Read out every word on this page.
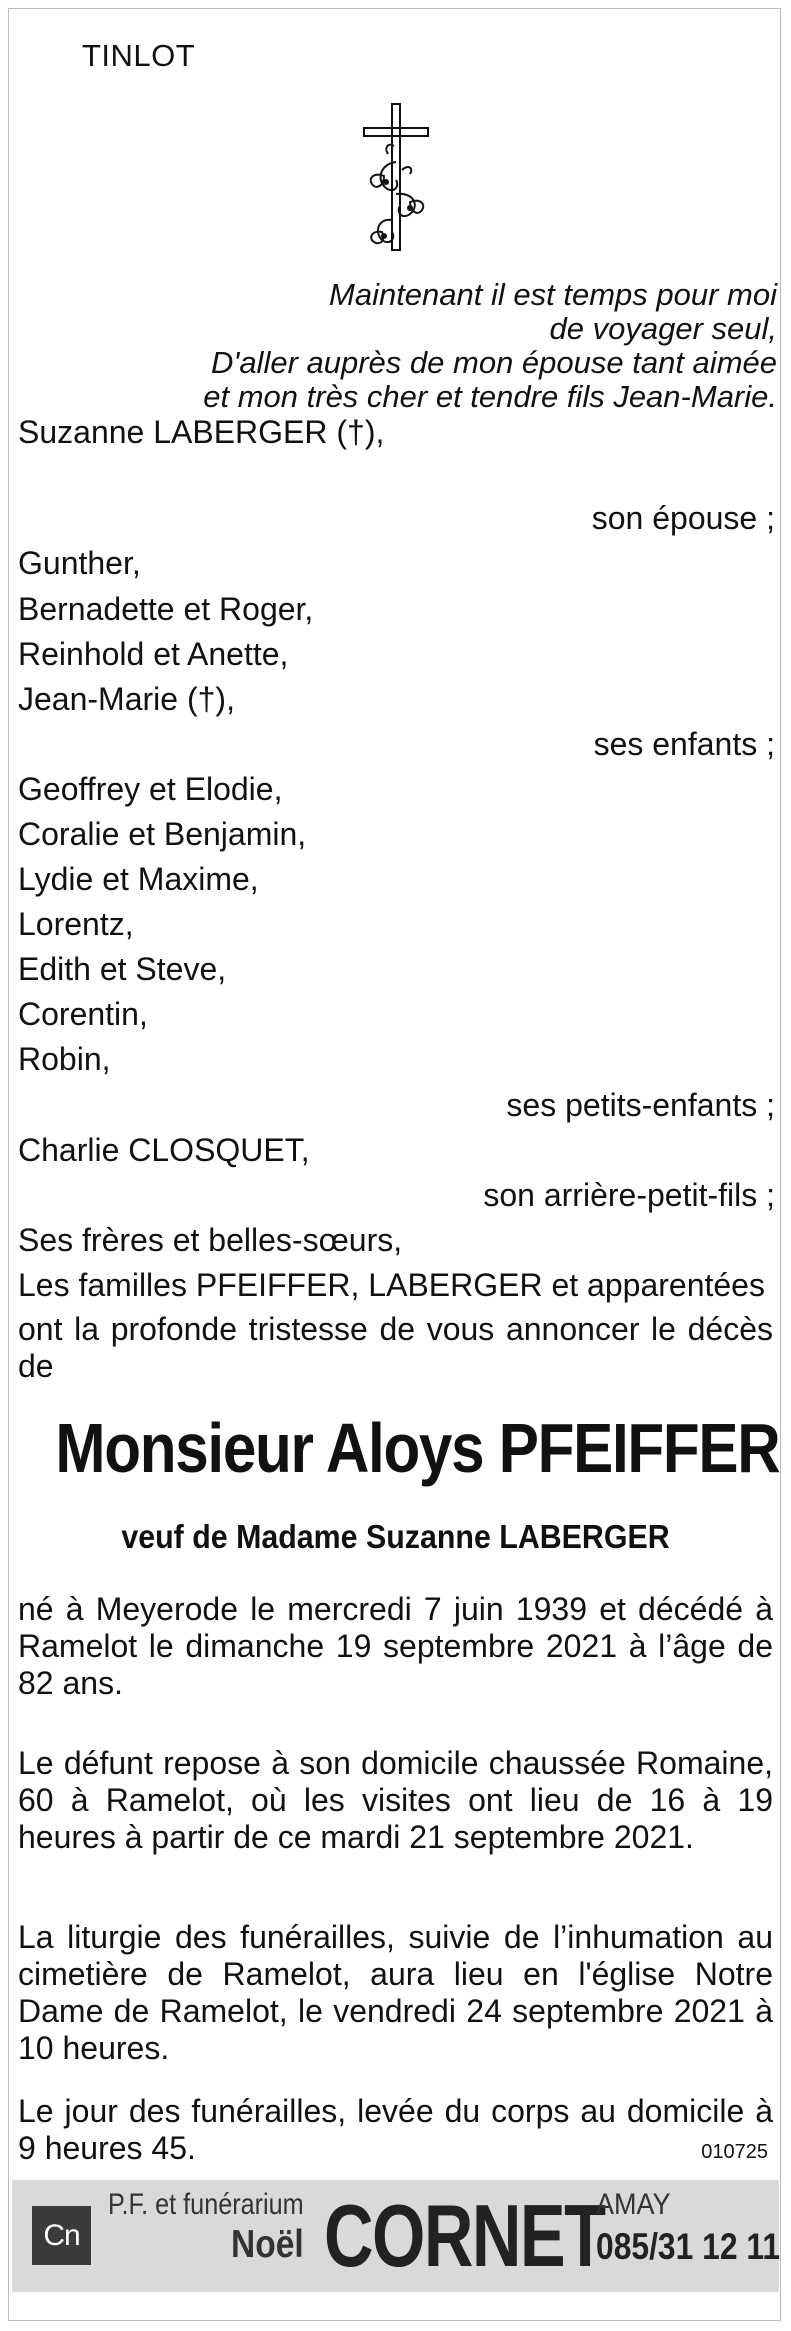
TINLOT
Maintenant il est temps pour moi
de voyager seul,
D'aller auprès de mon épouse tant aimée
et mon très cher et tendre fils Jean-Marie.
Suzanne LABERGER (†),
son épouse ;
Gunther,
Bernadette et Roger,
Reinhold et Anette,
Jean-Marie (†),
ses enfants ;
Geoffrey et Elodie,
Coralie et Benjamin,
Lydie et Maxime,
Lorentz,
Edith et Steve,
Corentin,
Robin,
ses petits-enfants ;
Charlie CLOSQUET,
son arrière-petit-fils ;
Ses frères et belles-sœurs,
Les familles PFEIFFER, LABERGER et apparentées
ont la profonde tristesse de vous annoncer le décès de
Monsieur Aloys PFEIFFER
veuf de Madame Suzanne LABERGER
né à Meyerode le mercredi 7 juin 1939 et décédé à Ramelot le dimanche 19 septembre 2021 à l’âge de 82 ans.
Le défunt repose à son domicile chaussée Romaine, 60 à Ramelot, où les visites ont lieu de 16 à 19 heures à partir de ce mardi 21 septembre 2021.
La liturgie des funérailles, suivie de l’inhumation au cimetière de Ramelot, aura lieu en l'église Notre Dame de Ramelot, le vendredi 24 septembre 2021 à 10 heures.
Le jour des funérailles, levée du corps au domicile à 9 heures 45.	010725
Cn
P.F. et funérarium
Noël CORNET
AMAY
085/31 12 11
